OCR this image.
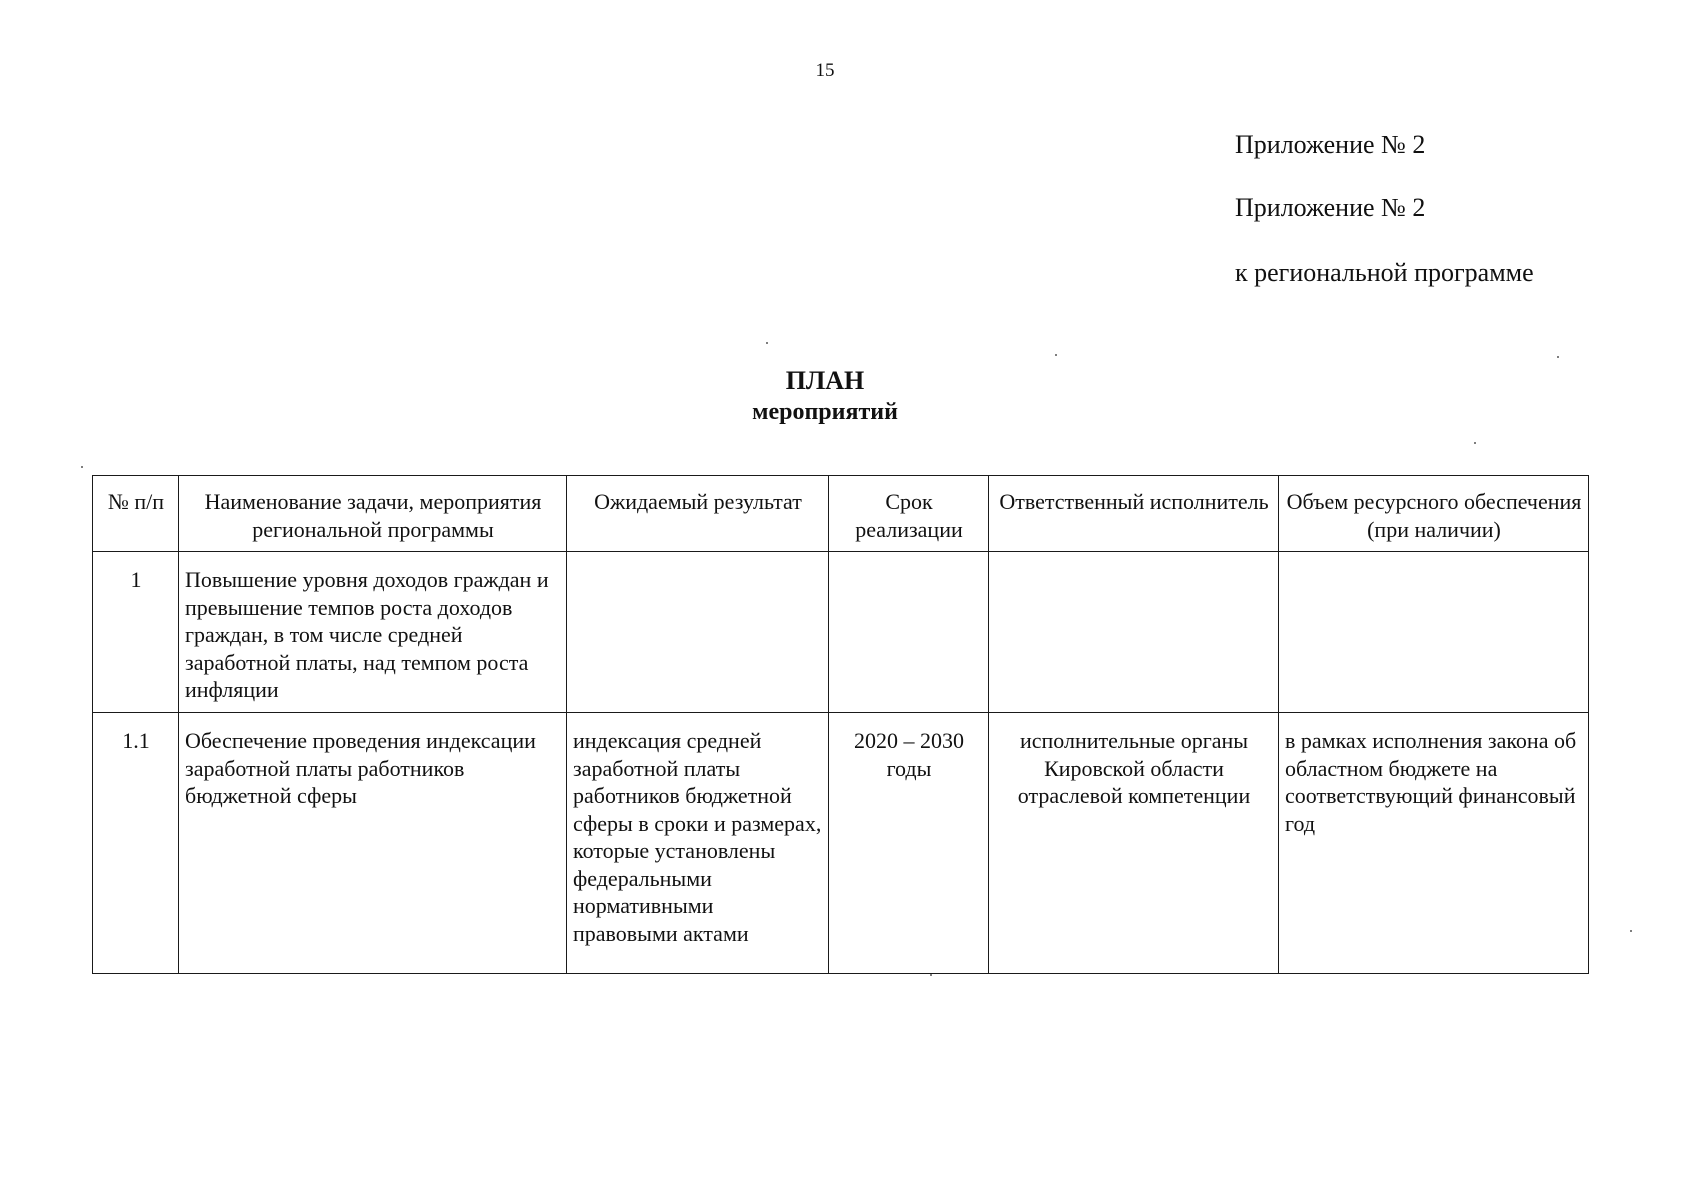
15
Приложение № 2
Приложение № 2
к региональной программе
ПЛАН
мероприятий
№ п/п	Наименование задачи, мероприятия региональной программы	Ожидаемый результат	Срок реализации	Ответственный исполнитель	Объем ресурсного обеспечения (при наличии)
1	Повышение уровня доходов граждан и превышение темпов роста доходов граждан, в том числе средней заработной платы, над темпом роста инфляции				
1.1	Обеспечение проведения индексации заработной платы работников бюджетной сферы	индексация средней заработной платы работников бюджетной сферы в сроки и размерах, которые установлены федеральными нормативными правовыми актами	2020 – 2030 годы	исполнительные органы Кировской области отраслевой компетенции	в рамках исполнения закона об областном бюджете на соответствующий финансовый год
